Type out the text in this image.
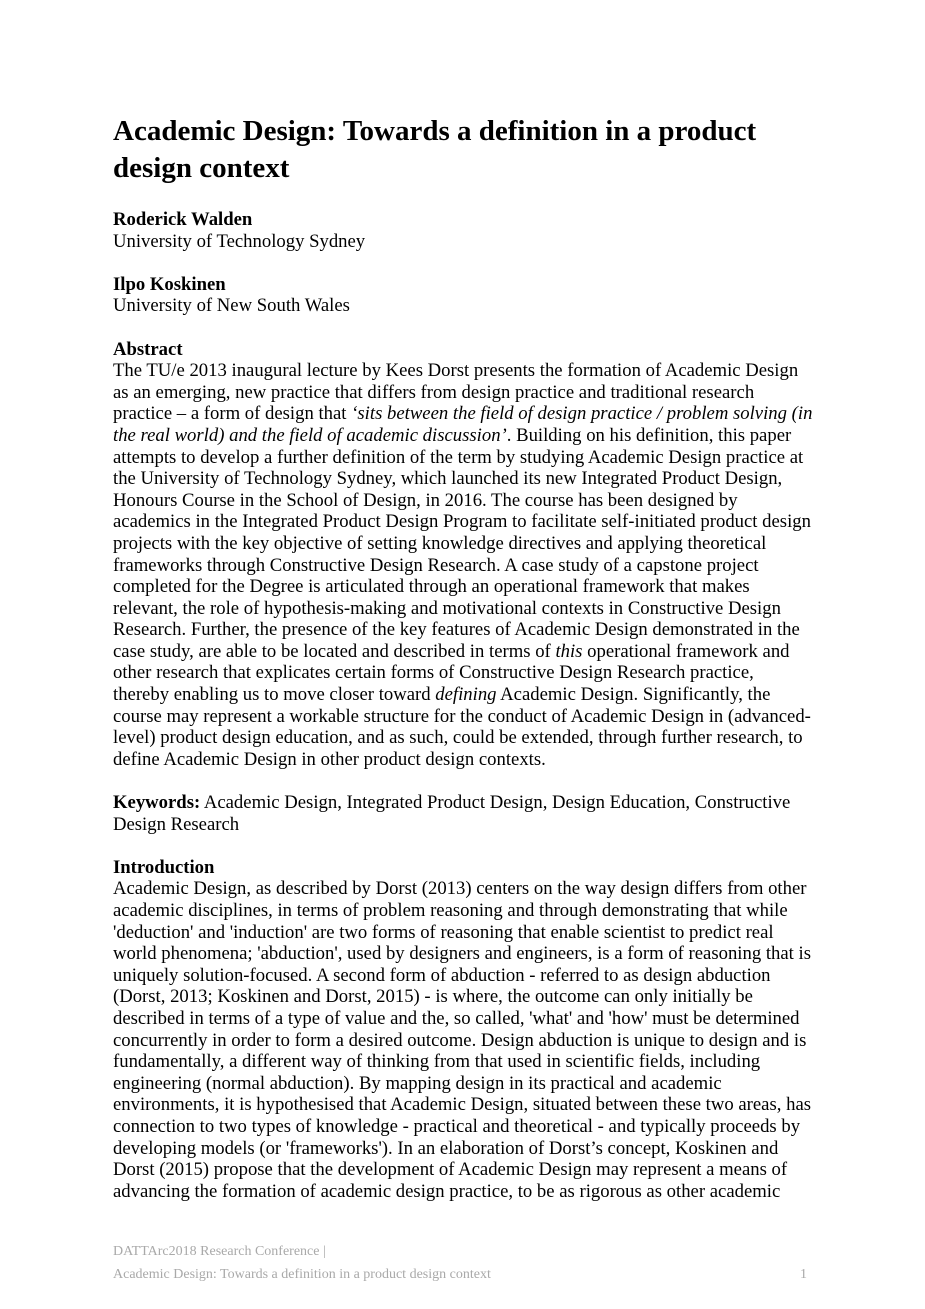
Academic Design: Towards a definition in a product design context
Roderick Walden
University of Technology Sydney
Ilpo Koskinen
University of New South Wales
Abstract

The TU/e 2013 inaugural lecture by Kees Dorst presents the formation of Academic Design as an emerging, new practice that differs from design practice and traditional research practice – a form of design that ‘sits between the field of design practice / problem solving (in the real world) and the field of academic discussion’. Building on his definition, this paper attempts to develop a further definition of the term by studying Academic Design practice at the University of Technology Sydney, which launched its new Integrated Product Design, Honours Course in the School of Design, in 2016. The course has been designed by academics in the Integrated Product Design Program to facilitate self-initiated product design projects with the key objective of setting knowledge directives and applying theoretical frameworks through Constructive Design Research. A case study of a capstone project completed for the Degree is articulated through an operational framework that makes relevant, the role of hypothesis-making and motivational contexts in Constructive Design Research. Further, the presence of the key features of Academic Design demonstrated in the case study, are able to be located and described in terms of this operational framework and other research that explicates certain forms of Constructive Design Research practice, thereby enabling us to move closer toward defining Academic Design. Significantly, the course may represent a workable structure for the conduct of Academic Design in (advanced-level) product design education, and as such, could be extended, through further research, to define Academic Design in other product design contexts.

Keywords: Academic Design, Integrated Product Design, Design Education, Constructive Design Research

Introduction

Academic Design, as described by Dorst (2013) centers on the way design differs from other academic disciplines, in terms of problem reasoning and through demonstrating that while 'deduction' and 'induction' are two forms of reasoning that enable scientist to predict real world phenomena; 'abduction', used by designers and engineers, is a form of reasoning that is uniquely solution-focused. A second form of abduction - referred to as design abduction (Dorst, 2013; Koskinen and Dorst, 2015) - is where, the outcome can only initially be described in terms of a type of value and the, so called, 'what' and 'how' must be determined concurrently in order to form a desired outcome. Design abduction is unique to design and is fundamentally, a different way of thinking from that used in scientific fields, including engineering (normal abduction). By mapping design in its practical and academic environments, it is hypothesised that Academic Design, situated between these two areas, has connection to two types of knowledge - practical and theoretical - and typically proceeds by developing models (or 'frameworks'). In an elaboration of Dorst’s concept, Koskinen and Dorst (2015) propose that the development of Academic Design may represent a means of advancing the formation of academic design practice, to be as rigorous as other academic

DATTArc2018 Research Conference |
Academic Design: Towards a definition in a product design context	1
